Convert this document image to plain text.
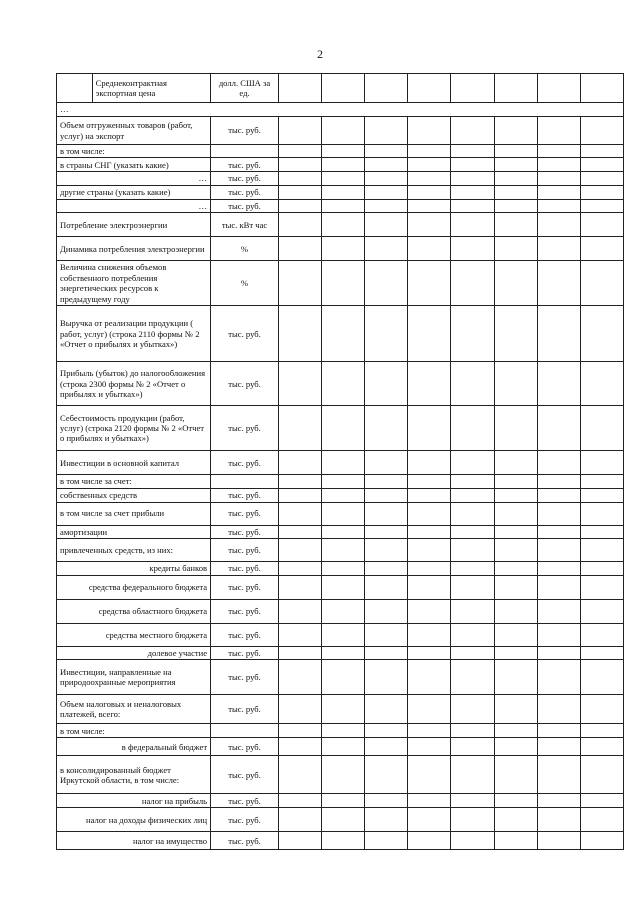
2
	Среднеконтрактная экспортная цена	долл. США за ед.								
…										
Объем отгруженных товаров (работ, услуг) на экспорт		тыс. руб.								
в том числе:										
в страны СНГ (указать какие)		тыс. руб.								
…		тыс. руб.								
другие страны (указать какие)		тыс. руб.								
…		тыс. руб.								
Потребление электроэнергии		тыс. кВт час								
Динамика потребления электроэнергии		%								
Величина снижения объемов собственного потребления энергетических ресурсов к предыдущему году		%								
Выручка от реализации продукции ( работ, услуг) (строка 2110 формы № 2 «Отчет о прибылях и убытках»)		тыс. руб.								
Прибыль (убыток) до налогообложения (строка 2300 формы № 2 «Отчет о прибылях и убытках»)		тыс. руб.								
Себестоимость продукции (работ, услуг) (строка 2120 формы № 2 «Отчет о прибылях и убытках»)		тыс. руб.								
Инвестиции в основной капитал		тыс. руб.								
в том числе за счет:										
собственных средств		тыс. руб.								
в том числе за счет прибыли		тыс. руб.								
амортизации		тыс. руб.								
привлеченных средств, из них:		тыс. руб.								
кредиты банков		тыс. руб.								
средства федерального бюджета		тыс. руб.								
средства областного бюджета		тыс. руб.								
средства местного бюджета		тыс. руб.								
долевое участие		тыс. руб.								
Инвестиции, направленные на природоохранные мероприятия		тыс. руб.								
Объем налоговых и неналоговых платежей, всего:		тыс. руб.								
в том числе:										
в федеральный бюджет		тыс. руб.								
в консолидированный бюджет Иркутской области, в том числе:		тыс. руб.								
налог на прибыль		тыс. руб.								
налог на доходы физических лиц		тыс. руб.								
налог на имущество		тыс. руб.								
